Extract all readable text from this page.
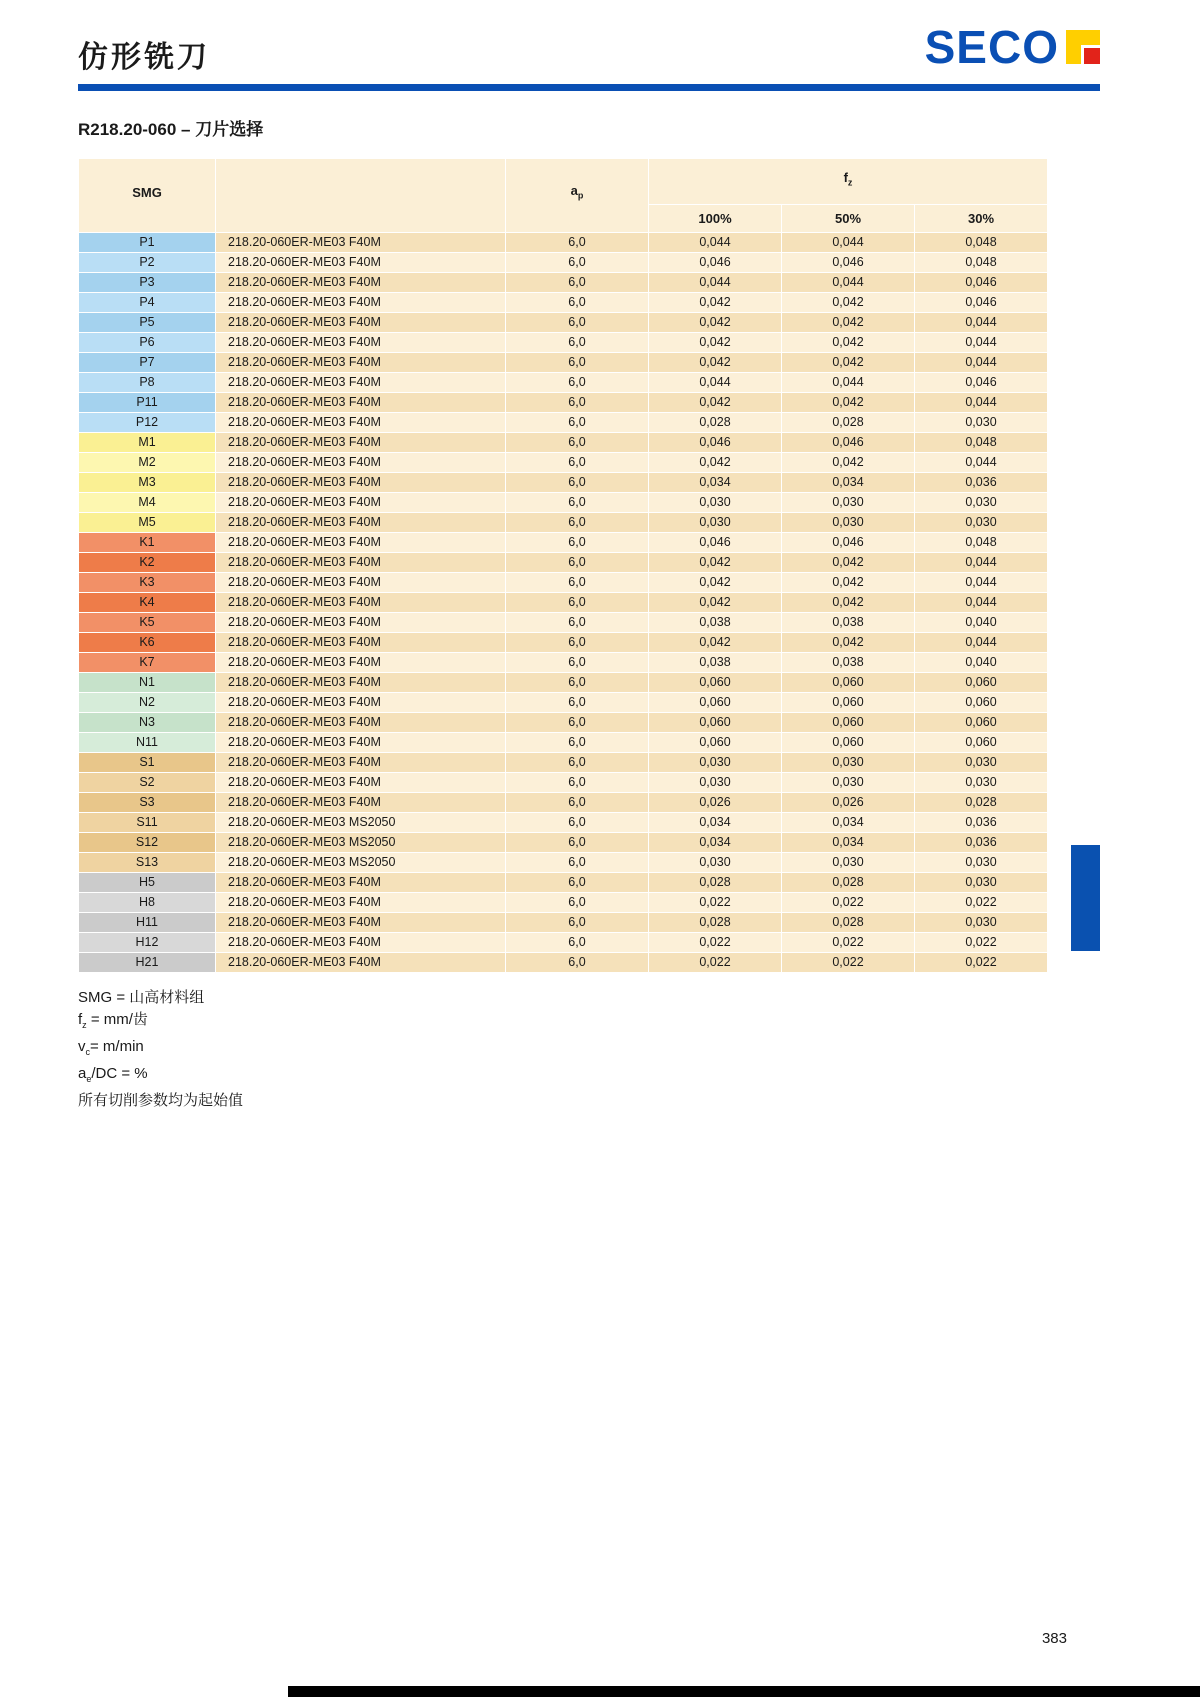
仿形铣刀	SECO
R218.20-060 – 刀片选择
SMG		$a_p$	$f_z$
			100%	50%	30%
P1	218.20-060ER-ME03 F40M	6,0	0,044	0,044	0,048
P2	218.20-060ER-ME03 F40M	6,0	0,046	0,046	0,048
P3	218.20-060ER-ME03 F40M	6,0	0,044	0,044	0,046
P4	218.20-060ER-ME03 F40M	6,0	0,042	0,042	0,046
P5	218.20-060ER-ME03 F40M	6,0	0,042	0,042	0,044
P6	218.20-060ER-ME03 F40M	6,0	0,042	0,042	0,044
P7	218.20-060ER-ME03 F40M	6,0	0,042	0,042	0,044
P8	218.20-060ER-ME03 F40M	6,0	0,044	0,044	0,046
P11	218.20-060ER-ME03 F40M	6,0	0,042	0,042	0,044
P12	218.20-060ER-ME03 F40M	6,0	0,028	0,028	0,030
M1	218.20-060ER-ME03 F40M	6,0	0,046	0,046	0,048
M2	218.20-060ER-ME03 F40M	6,0	0,042	0,042	0,044
M3	218.20-060ER-ME03 F40M	6,0	0,034	0,034	0,036
M4	218.20-060ER-ME03 F40M	6,0	0,030	0,030	0,030
M5	218.20-060ER-ME03 F40M	6,0	0,030	0,030	0,030
K1	218.20-060ER-ME03 F40M	6,0	0,046	0,046	0,048
K2	218.20-060ER-ME03 F40M	6,0	0,042	0,042	0,044
K3	218.20-060ER-ME03 F40M	6,0	0,042	0,042	0,044
K4	218.20-060ER-ME03 F40M	6,0	0,042	0,042	0,044
K5	218.20-060ER-ME03 F40M	6,0	0,038	0,038	0,040
K6	218.20-060ER-ME03 F40M	6,0	0,042	0,042	0,044
K7	218.20-060ER-ME03 F40M	6,0	0,038	0,038	0,040
N1	218.20-060ER-ME03 F40M	6,0	0,060	0,060	0,060
N2	218.20-060ER-ME03 F40M	6,0	0,060	0,060	0,060
N3	218.20-060ER-ME03 F40M	6,0	0,060	0,060	0,060
N11	218.20-060ER-ME03 F40M	6,0	0,060	0,060	0,060
S1	218.20-060ER-ME03 F40M	6,0	0,030	0,030	0,030
S2	218.20-060ER-ME03 F40M	6,0	0,030	0,030	0,030
S3	218.20-060ER-ME03 F40M	6,0	0,026	0,026	0,028
S11	218.20-060ER-ME03 MS2050	6,0	0,034	0,034	0,036
S12	218.20-060ER-ME03 MS2050	6,0	0,034	0,034	0,036
S13	218.20-060ER-ME03 MS2050	6,0	0,030	0,030	0,030
H5	218.20-060ER-ME03 F40M	6,0	0,028	0,028	0,030
H8	218.20-060ER-ME03 F40M	6,0	0,022	0,022	0,022
H11	218.20-060ER-ME03 F40M	6,0	0,028	0,028	0,030
H12	218.20-060ER-ME03 F40M	6,0	0,022	0,022	0,022
H21	218.20-060ER-ME03 F40M	6,0	0,022	0,022	0,022
SMG = 山高材料组
$f_z = mm/$齿
$v_c= m/\min$
$a_e/DC$ = %
所有切削参数均为起始值
383
